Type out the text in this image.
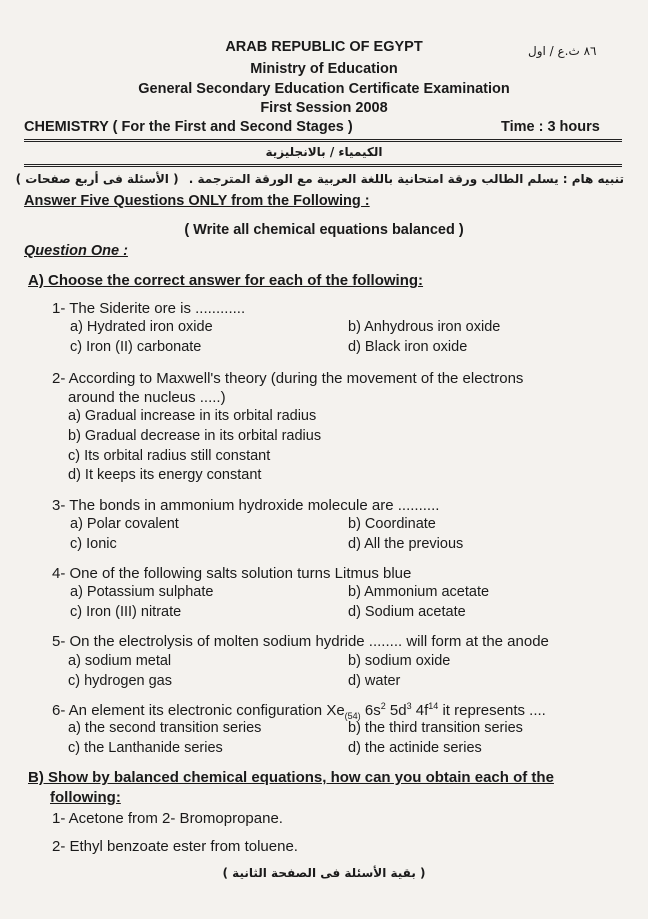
٨٦ ث.ع / اول
ARAB REPUBLIC OF EGYPT
Ministry of Education
General Secondary Education Certificate Examination
First Session 2008
CHEMISTRY ( For the First and Second Stages )	Time : 3 hours
الكيمياء / بالانجليزية
تنبيه هام : يسلم الطالب ورقة امتحانية باللغة العربية مع الورقة المترجمة . ( الأسئلة فى أربع صفحات )
Answer Five Questions ONLY from the Following :
( Write all chemical equations balanced )
Question One :
A) Choose the correct answer for each of the following:
1- The Siderite ore is ............
a) Hydrated iron oxide	b) Anhydrous iron oxide
c) Iron (II) carbonate	d) Black iron oxide
2- According to Maxwell's theory (during the movement of the electrons
around the nucleus .....)
a) Gradual increase in its orbital radius
b) Gradual decrease in its orbital radius
c) Its orbital radius still constant
d) It keeps its energy constant
3- The bonds in ammonium hydroxide molecule are ..........
a) Polar covalent	b) Coordinate
c) Ionic	d) All the previous
4- One of the following salts solution turns Litmus blue
a) Potassium sulphate	b) Ammonium acetate
c) Iron (III) nitrate	d) Sodium acetate
5- On the electrolysis of molten sodium hydride ........ will form at the anode
a) sodium metal	b) sodium oxide
c) hydrogen gas	d) water
6- An element its electronic configuration $Xe_{(54)}$ $6s^2$ $5d^3$ $4f^{14}$ it represents ....
a) the second transition series	b) the third transition series
c) the Lanthanide series	d) the actinide series
B) Show by balanced chemical equations, how can you obtain each of the
following:
1- Acetone from 2- Bromopropane.
2- Ethyl benzoate ester from toluene.
( بقية الأسئلة فى الصفحة الثانية )
